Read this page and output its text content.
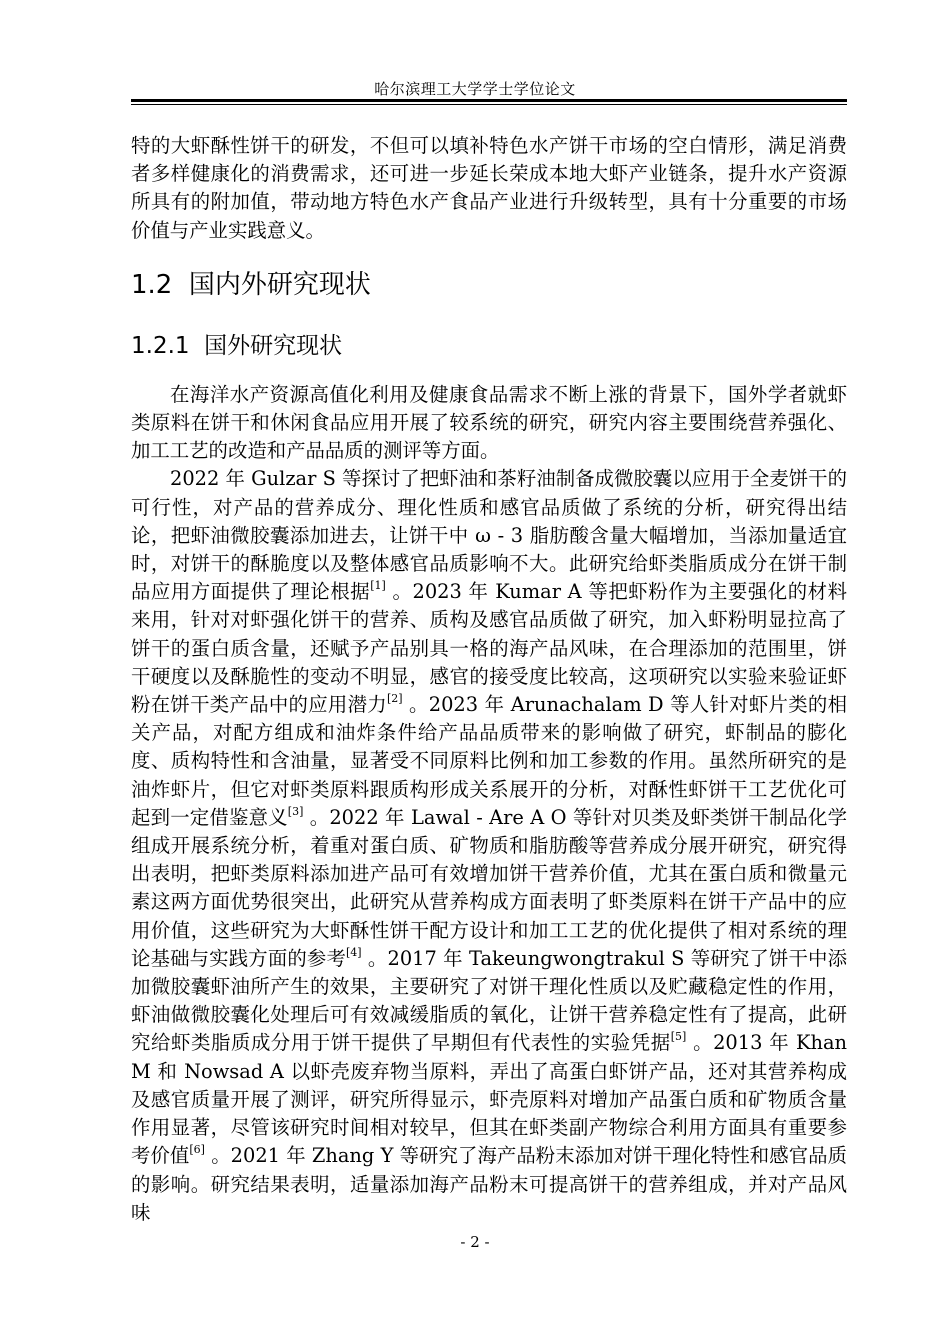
哈尔滨理工大学学士学位论文

特的大虾酥性饼干的研发，不但可以填补特色水产饼干市场的空白情形，满足消费者多样健康化的消费需求，还可进一步延长荣成本地大虾产业链条，提升水产资源所具有的附加值，带动地方特色水产食品产业进行升级转型，具有十分重要的市场价值与产业实践意义。

1.2 国内外研究现状
1.2.1 国外研究现状

在海洋水产资源高值化利用及健康食品需求不断上涨的背景下，国外学者就虾类原料在饼干和休闲食品应用开展了较系统的研究，研究内容主要围绕营养强化、加工工艺的改造和产品品质的测评等方面。

2022 年 Gulzar S 等探讨了把虾油和茶籽油制备成微胶囊以应用于全麦饼干的可行性，对产品的营养成分、理化性质和感官品质做了系统的分析，研究得出结论，把虾油微胶囊添加进去，让饼干中 ω - 3 脂肪酸含量大幅增加，当添加量适宜时，对饼干的酥脆度以及整体感官品质影响不大。此研究给虾类脂质成分在饼干制品应用方面提供了理论根据[1] 。2023 年 Kumar A 等把虾粉作为主要强化的材料来用，针对对虾强化饼干的营养、质构及感官品质做了研究，加入虾粉明显拉高了饼干的蛋白质含量，还赋予产品别具一格的海产品风味，在合理添加的范围里，饼干硬度以及酥脆性的变动不明显，感官的接受度比较高，这项研究以实验来验证虾粉在饼干类产品中的应用潜力[2] 。2023 年 Arunachalam D 等人针对虾片类的相关产品，对配方组成和油炸条件给产品品质带来的影响做了研究，虾制品的膨化度、质构特性和含油量，显著受不同原料比例和加工参数的作用。虽然所研究的是油炸虾片，但它对虾类原料跟质构形成关系展开的分析，对酥性虾饼干工艺优化可起到一定借鉴意义[3] 。2022 年 Lawal - Are A O 等针对贝类及虾类饼干制品化学组成开展系统分析，着重对蛋白质、矿物质和脂肪酸等营养成分展开研究，研究得出表明，把虾类原料添加进产品可有效增加饼干营养价值，尤其在蛋白质和微量元素这两方面优势很突出，此研究从营养构成方面表明了虾类原料在饼干产品中的应用价值，这些研究为大虾酥性饼干配方设计和加工工艺的优化提供了相对系统的理论基础与实践方面的参考[4] 。2017 年 Takeungwongtrakul S 等研究了饼干中添加微胶囊虾油所产生的效果，主要研究了对饼干理化性质以及贮藏稳定性的作用，虾油做微胶囊化处理后可有效减缓脂质的氧化，让饼干营养稳定性有了提高，此研究给虾类脂质成分用于饼干提供了早期但有代表性的实验凭据[5] 。2013 年 Khan M 和 Nowsad A 以虾壳废弃物当原料，弄出了高蛋白虾饼产品，还对其营养构成及感官质量开展了测评，研究所得显示，虾壳原料对增加产品蛋白质和矿物质含量作用显著，尽管该研究时间相对较早，但其在虾类副产物综合利用方面具有重要参考价值[6] 。2021 年 Zhang Y 等研究了海产品粉末添加对饼干理化特性和感官品质的影响。研究结果表明，适量添加海产品粉末可提高饼干的营养组成，并对产品风味

- 2 -
